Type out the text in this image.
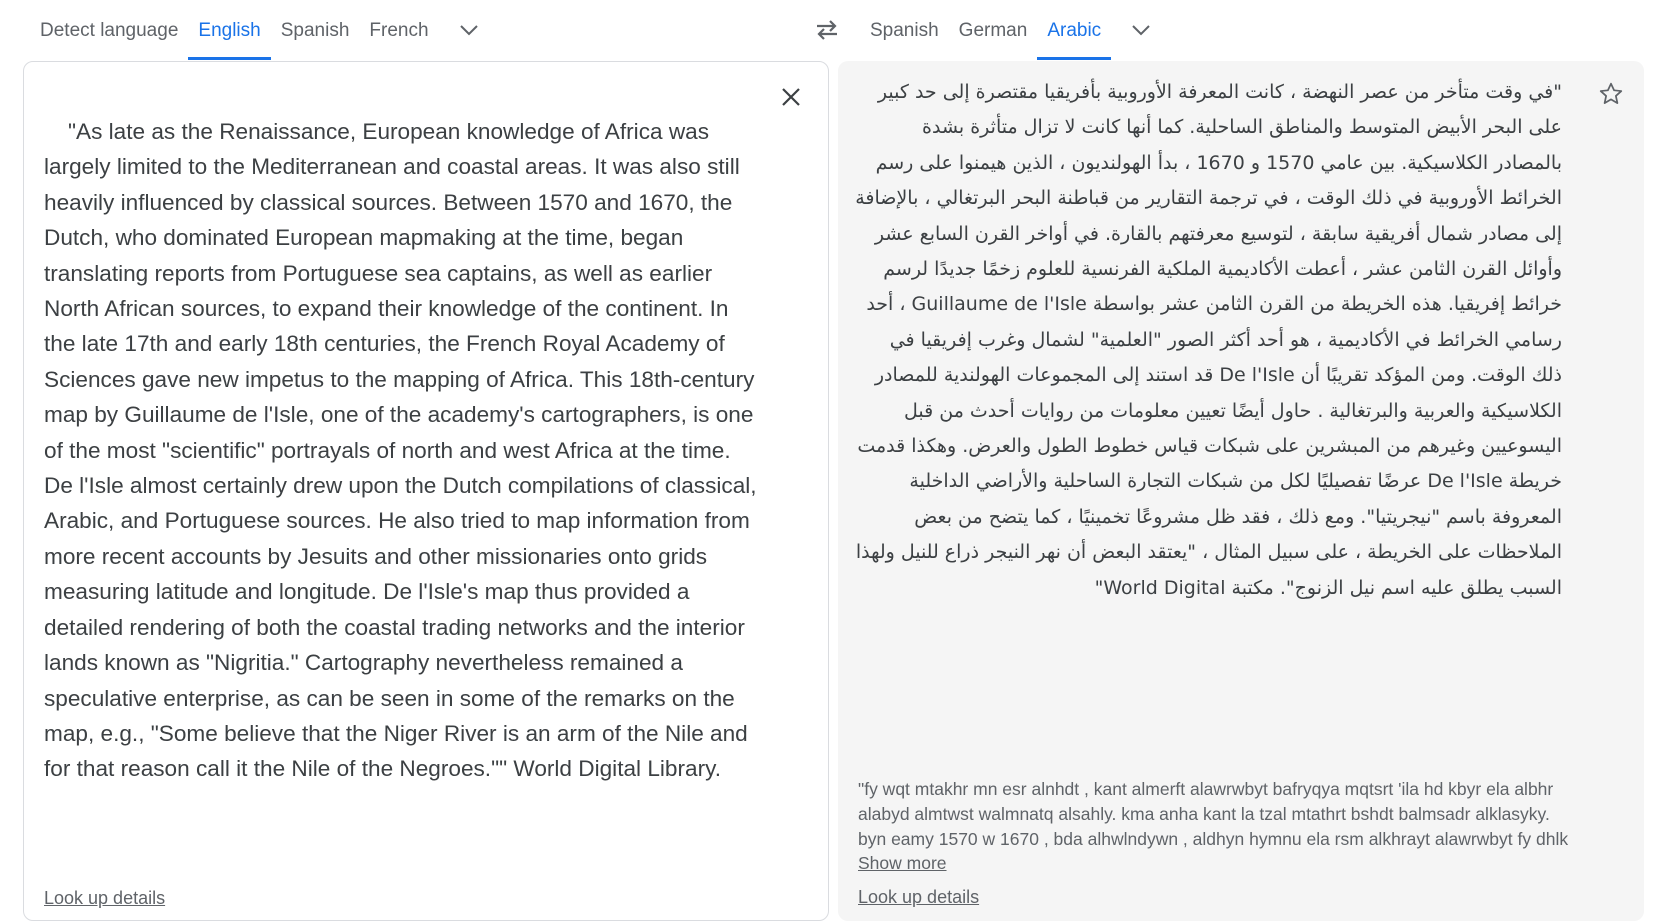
Detect language	English	Spanish	French	Spanish	German	Arabic

"As late as the Renaissance, European knowledge of Africa was largely limited to the Mediterranean and coastal areas. It was also still heavily influenced by classical sources. Between 1570 and 1670, the Dutch, who dominated European mapmaking at the time, began translating reports from Portuguese sea captains, as well as earlier North African sources, to expand their knowledge of the continent. In the late 17th and early 18th centuries, the French Royal Academy of Sciences gave new impetus to the mapping of Africa. This 18th-century map by Guillaume de l'Isle, one of the academy's cartographers, is one of the most "scientific" portrayals of north and west Africa at the time. De l'Isle almost certainly drew upon the Dutch compilations of classical, Arabic, and Portuguese sources. He also tried to map information from more recent accounts by Jesuits and other missionaries onto grids measuring latitude and longitude. De l'Isle's map thus provided a detailed rendering of both the coastal trading networks and the interior lands known as "Nigritia." Cartography nevertheless remained a speculative enterprise, as can be seen in some of the remarks on the map, e.g., "Some believe that the Niger River is an arm of the Nile and for that reason call it the Nile of the Negroes."" World Digital Library.

Look up details

"في وقت متأخر من عصر النهضة ، كانت المعرفة الأوروبية بأفريقيا مقتصرة إلى حد كبير على البحر الأبيض المتوسط والمناطق الساحلية. كما أنها كانت لا تزال متأثرة بشدة بالمصادر الكلاسيكية. بين عامي 1570 و 1670 ، بدأ الهولنديون ، الذين هيمنوا على رسم الخرائط الأوروبية في ذلك الوقت ، في ترجمة التقارير من قباطنة البحر البرتغالي ، بالإضافة إلى مصادر شمال أفريقية سابقة ، لتوسيع معرفتهم بالقارة. في أواخر القرن السابع عشر وأوائل القرن الثامن عشر ، أعطت الأكاديمية الملكية الفرنسية للعلوم زخمًا جديدًا لرسم خرائط إفريقيا. هذه الخريطة من القرن الثامن عشر بواسطة Guillaume de l'Isle ، أحد رسامي الخرائط في الأكاديمية ، هو أحد أكثر الصور "العلمية" لشمال وغرب إفريقيا في ذلك الوقت. ومن المؤكد تقريبًا أن De l'Isle قد استند إلى المجموعات الهولندية للمصادر الكلاسيكية والعربية والبرتغالية . حاول أيضًا تعيين معلومات من روايات أحدث من قبل اليسوعيين وغيرهم من المبشرين على شبكات قياس خطوط الطول والعرض. وهكذا قدمت خريطة De l'Isle عرضًا تفصيليًا لكل من شبكات التجارة الساحلية والأراضي الداخلية المعروفة باسم "نيجريتيا". ومع ذلك ، فقد ظل مشروعًا تخمينيًا ، كما يتضح من بعض الملاحظات على الخريطة ، على سبيل المثال ، "يعتقد البعض أن نهر النيجر ذراع للنيل ولهذا السبب يطلق عليه اسم نيل الزنوج". مكتبة World Digital"

"fy wqt mtakhr mn esr alnhdt , kant almerft alawrwbyt bafryqya mqtsrt 'ila hd kbyr ela albhr alabyd almtwst walmnatq alsahly. kma anha kant la tzal mtathrt bshdt balmsadr alklasyky. byn eamy 1570 w 1670 , bda alhwlndywn , aldhyn hymnu ela rsm alkhrayt alawrwbyt fy dhlk

Show more
Look up details
